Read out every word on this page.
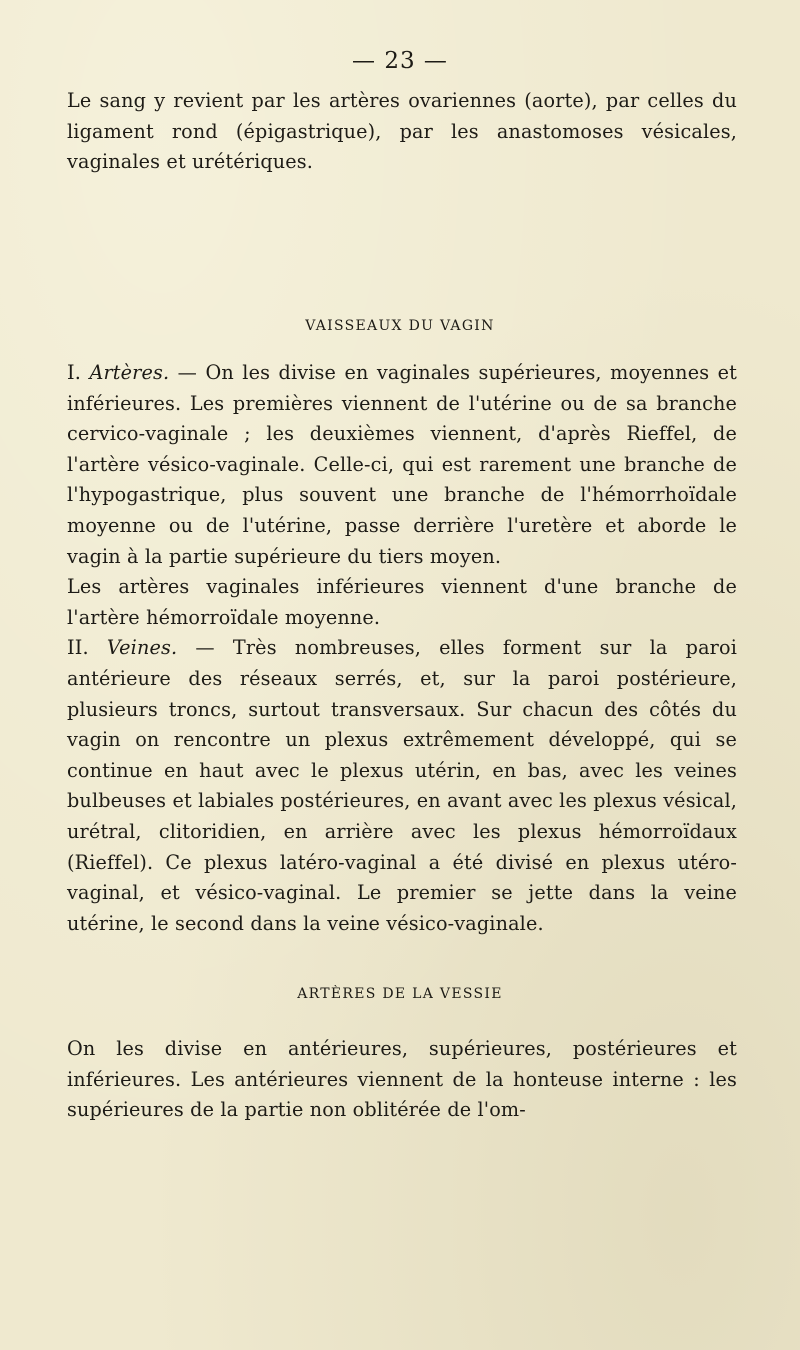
— 23 —

Le sang y revient par les artères ovariennes (aorte), par celles du ligament rond (épigastrique), par les anastomoses vésicales, vaginales et urétériques.

VAISSEAUX DU VAGIN

I. Artères. — On les divise en vaginales supérieures, moyennes et inférieures. Les premières viennent de l'utérine ou de sa branche cervico-vaginale ; les deuxièmes viennent, d'après Rieffel, de l'artère vésico-vaginale. Celle-ci, qui est rarement une branche de l'hypogastrique, plus souvent une branche de l'hémorrhoïdale moyenne ou de l'utérine, passe derrière l'uretère et aborde le vagin à la partie supérieure du tiers moyen.

Les artères vaginales inférieures viennent d'une branche de l'artère hémorroïdale moyenne.

II. Veines. — Très nombreuses, elles forment sur la paroi antérieure des réseaux serrés, et, sur la paroi postérieure, plusieurs troncs, surtout transversaux. Sur chacun des côtés du vagin on rencontre un plexus extrêmement développé, qui se continue en haut avec le plexus utérin, en bas, avec les veines bulbeuses et labiales postérieures, en avant avec les plexus vésical, urétral, clitoridien, en arrière avec les plexus hémorroïdaux (Rieffel). Ce plexus latéro-vaginal a été divisé en plexus utéro-vaginal, et vésico-vaginal. Le premier se jette dans la veine utérine, le second dans la veine vésico-vaginale.

ARTÈRES DE LA VESSIE

On les divise en antérieures, supérieures, postérieures et inférieures. Les antérieures viennent de la honteuse interne : les supérieures de la partie non oblitérée de l'om-
